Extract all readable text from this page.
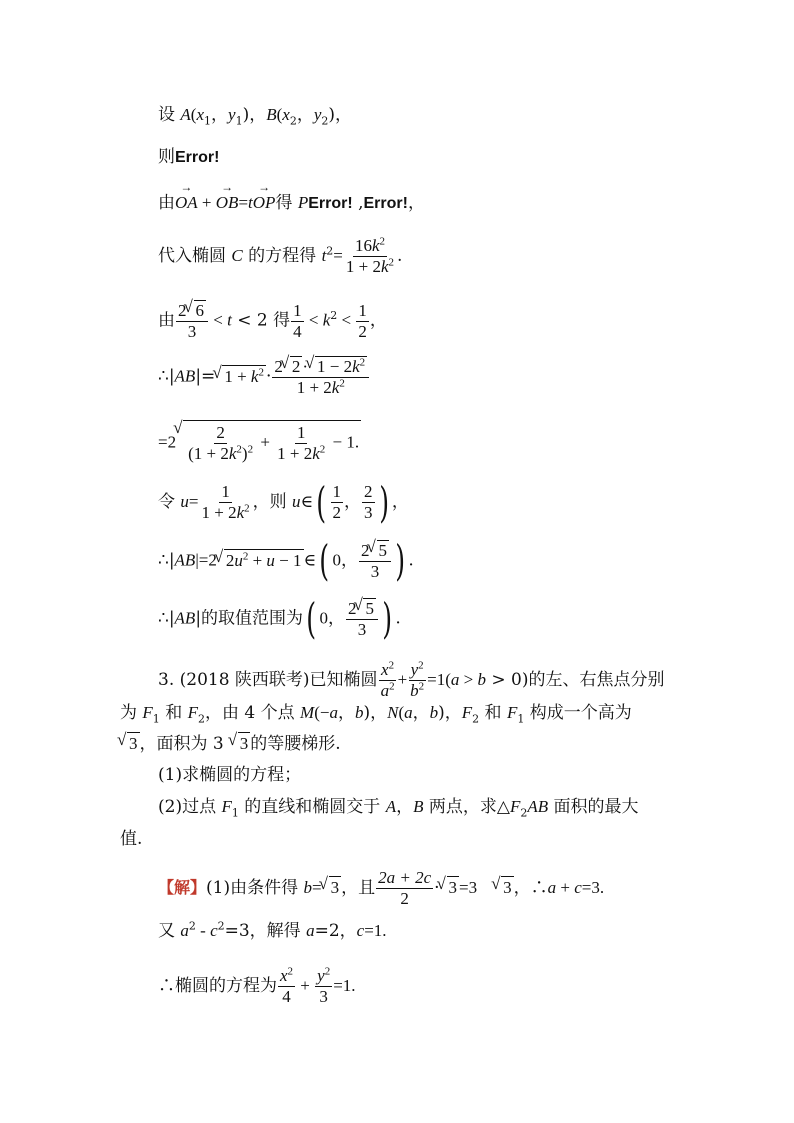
设 $A(x_1$，$y_1$)，$B(x_2$，$y_2$)，
则Error!
由→ OA + → OB=t→ OP得 PError! ,Error!，
代入椭圆 C 的方程得 $t^2= \frac{16k^2}{1 + 2k^2}$ .
由 $\frac{2 √ 6}{3} < t < 2$ 得 $\frac{1}{4} < k^2 < \frac{1}{2}$ ，
∴|AB|= √ $1 + k^2 \cdot \frac{2 √ 2 \cdot √ 1 - 2k^2}{1 + 2k^2}$
=2 √ $\frac{2}{(1 + 2k^2)^2} + \frac{1}{1 + 2k^2} - 1$.
令 $u= \frac{1}{1 + 2k^2}$ ，则 u∈( $\frac{1}{2}$ ， $\frac{2}{3}$ ) ，
∴|AB|=2 √ $2u^2 + u - 1$ ∈( 0， $\frac{2 √ 5}{3}$ ) .
∴|AB|的取值范围为( 0， $\frac{2 √ 5}{3}$ ) .
3. (2018 陕西联考)已知椭圆 $\frac{x^2}{a^2} + \frac{y^2}{b^2} =1(a > b > 0)$的左、右焦点分别
为 $F_1$ 和 $F_2$，由 4 个点 M(−a，b)，N(a，b)，$F_2$ 和 $F_1$ 构成一个高为
√ 3 ，面积为 3 √ 3 的等腰梯形.
(1)求椭圆的方程；
(2)过点 $F_1$ 的直线和椭圆交于 A，B 两点，求$\triangle F_2AB$ 面积的最大
值.
【解】(1)由条件得 b= √ 3 ，且 $\frac{2a + 2c}{2}$ · √ 3 =3 √ 3 ，∴a + c=3.
又 $a^2 - c^2=3$，解得 a=2，c=1.
∴椭圆的方程为 $\frac{x^2}{4} + \frac{y^2}{3} =1$.
